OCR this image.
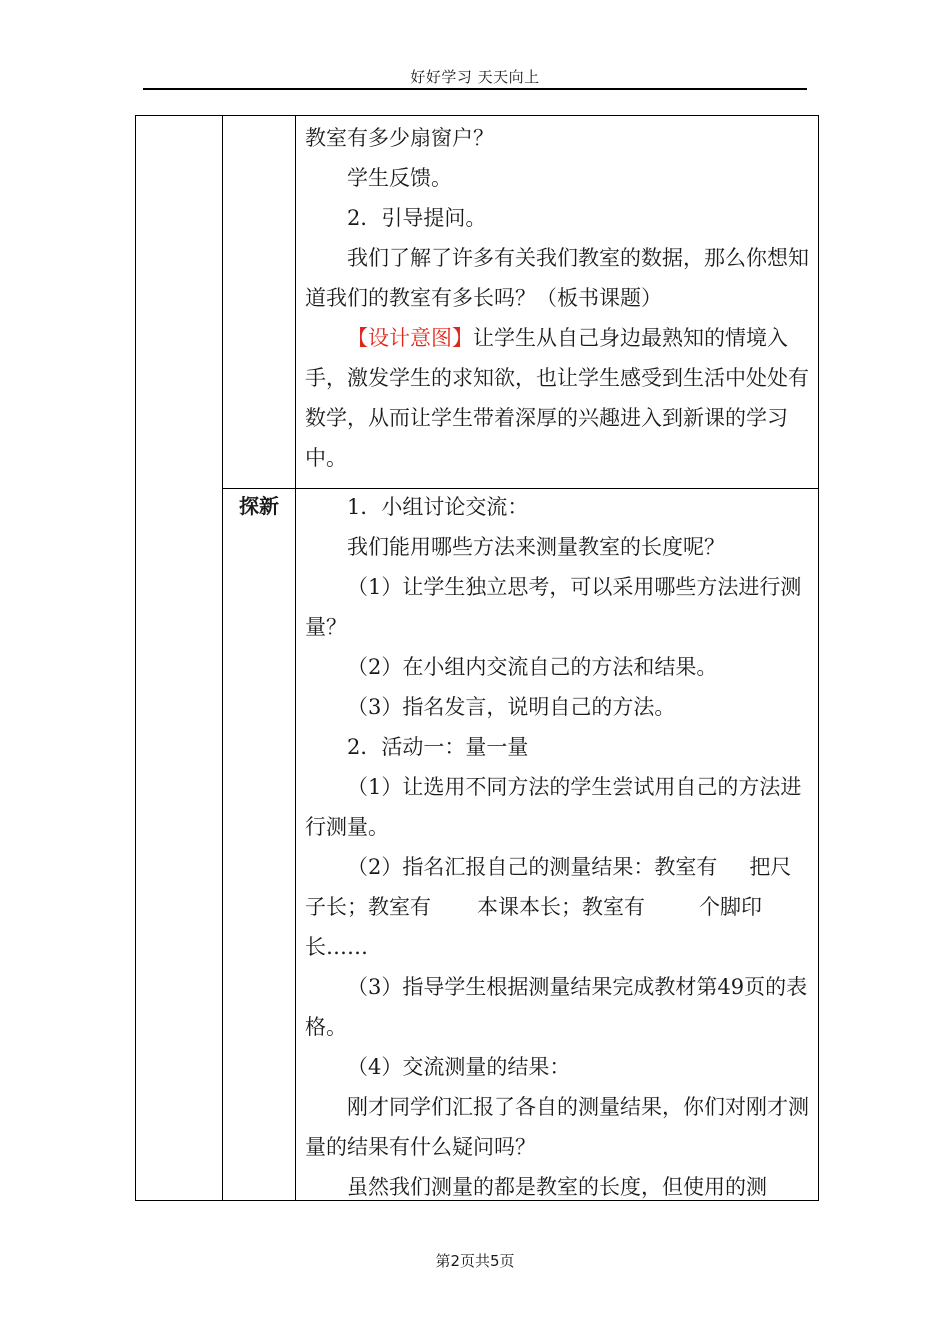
好好学习 天天向上

教室有多少扇窗户？

学生反馈。

2．引导提问。

我们了解了许多有关我们教室的数据，那么你想知道我们的教室有多长吗？（板书课题）

【设计意图】让学生从自己身边最熟知的情境入手，激发学生的求知欲，也让学生感受到生活中处处有数学，从而让学生带着深厚的兴趣进入到新课的学习中。

探新	1．小组讨论交流：

我们能用哪些方法来测量教室的长度呢？

（1）让学生独立思考，可以采用哪些方法进行测量？

（2）在小组内交流自己的方法和结果。

（3）指名发言，说明自己的方法。

2．活动一：量一量

（1）让选用不同方法的学生尝试用自己的方法进行测量。

（2）指名汇报自己的测量结果：教室有 把尺子长；教室有 本课本长；教室有	个脚印长……

（3）指导学生根据测量结果完成教材第49页的表格。

（4）交流测量的结果：

刚才同学们汇报了各自的测量结果，你们对刚才测量的结果有什么疑问吗？

虽然我们测量的都是教室的长度，但使用的测

第2页共5页
